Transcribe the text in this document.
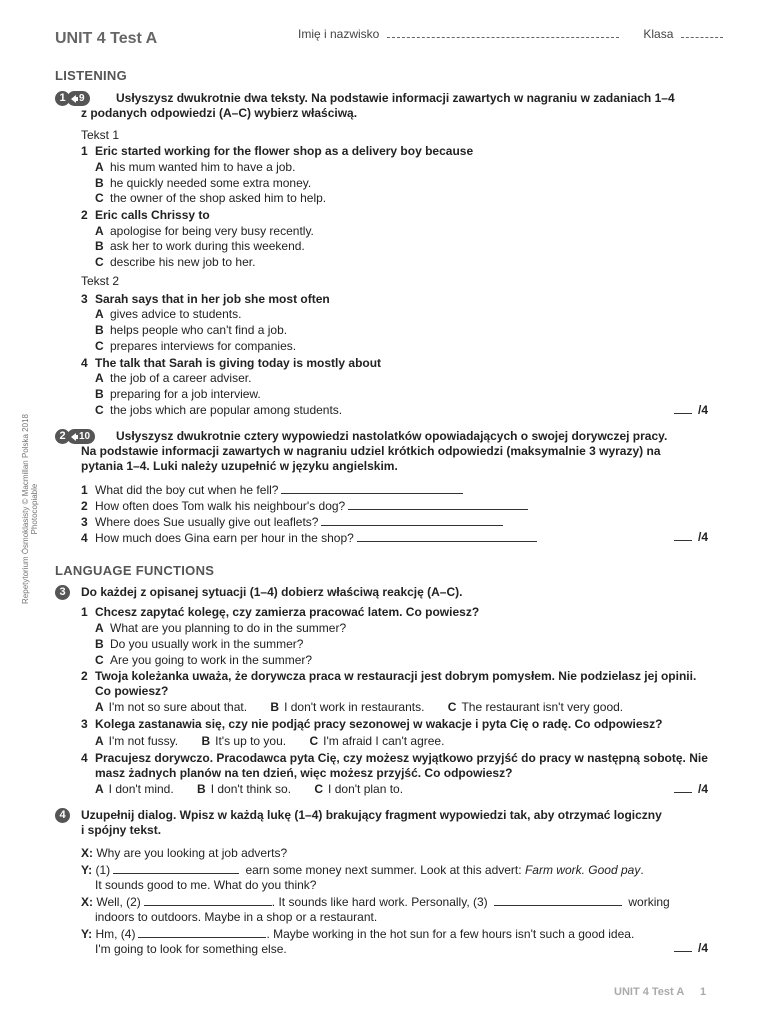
UNIT 4 Test A	Imię i nazwisko	Klasa
Repetytorium Ósmoklasisty © Macmillan Polska 2018 Photocopiable
LISTENING
1	9	Usłyszysz dwukrotnie dwa teksty. Na podstawie informacji zawartych w nagraniu w zadaniach 1–4
z podanych odpowiedzi (A–C) wybierz właściwą.
Tekst 1
1 Eric started working for the flower shop as a delivery boy because
A his mum wanted him to have a job.
B he quickly needed some extra money.
C the owner of the shop asked him to help.
2 Eric calls Chrissy to
A apologise for being very busy recently.
B ask her to work during this weekend.
C describe his new job to her.
Tekst 2
3 Sarah says that in her job she most often
A gives advice to students.
B helps people who can't find a job.
C prepares interviews for companies.
4 The talk that Sarah is giving today is mostly about
A the job of a career adviser.
B preparing for a job interview.
C the jobs which are popular among students.	/4
2	10 Usłyszysz dwukrotnie cztery wypowiedzi nastolatków opowiadających o swojej dorywczej pracy.
Na podstawie informacji zawartych w nagraniu udziel krótkich odpowiedzi (maksymalnie 3 wyrazy) na
pytania 1–4. Luki należy uzupełnić w języku angielskim.
1 What did the boy cut when he fell?
2 How often does Tom walk his neighbour's dog?
3 Where does Sue usually give out leaflets?
4 How much does Gina earn per hour in the shop?	/4
LANGUAGE FUNCTIONS
3	Do każdej z opisanej sytuacji (1–4) dobierz właściwą reakcję (A–C).
1 Chcesz zapytać kolegę, czy zamierza pracować latem. Co powiesz?
A What are you planning to do in the summer?
B Do you usually work in the summer?
C Are you going to work in the summer?
2 Twoja koleżanka uważa, że dorywcza praca w restauracji jest dobrym pomysłem. Nie podzielasz jej opinii.
Co powiesz?
A I'm not so sure about that. B I don't work in restaurants. C The restaurant isn't very good.
3 Kolega zastanawia się, czy nie podjąć pracy sezonowej w wakacje i pyta Cię o radę. Co odpowiesz?
A I'm not fussy. B It's up to you. C I'm afraid I can't agree.
4 Pracujesz dorywczo. Pracodawca pyta Cię, czy możesz wyjątkowo przyjść do pracy w następną sobotę. Nie
masz żadnych planów na ten dzień, więc możesz przyjść. Co odpowiesz?
A I don't mind. B I don't think so. C I don't plan to.	/4
4	Uzupełnij dialog. Wpisz w każdą lukę (1–4) brakujący fragment wypowiedzi tak, aby otrzymać logiczny
i spójny tekst.
X: Why are you looking at job adverts?
Y: (1)	earn some money next summer. Look at this advert: Farm work. Good pay.
It sounds good to me. What do you think?
X: Well, (2)	. It sounds like hard work. Personally, (3)	working
indoors to outdoors. Maybe in a shop or a restaurant.
Y: Hm, (4)	. Maybe working in the hot sun for a few hours isn't such a good idea.
I'm going to look for something else.	/4
UNIT 4 Test A 1
